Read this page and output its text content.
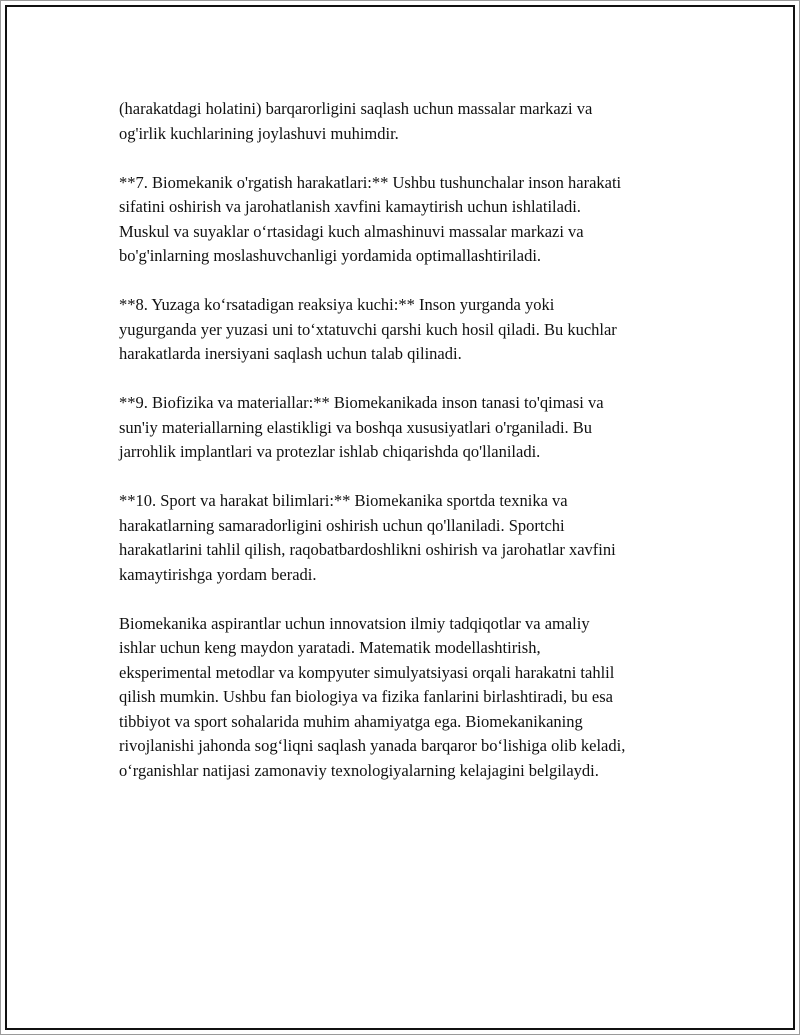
(harakatdagi holatini) barqarorligini saqlash uchun massalar markazi va
og'irlik kuchlarining joylashuvi muhimdir.

**7. Biomekanik o'rgatish harakatlari:** Ushbu tushunchalar inson harakati
sifatini oshirish va jarohatlanish xavfini kamaytirish uchun ishlatiladi.
Muskul va suyaklar o‘rtasidagi kuch almashinuvi massalar markazi va
bo'g'inlarning moslashuvchanligi yordamida optimallashtiriladi.

**8. Yuzaga ko‘rsatadigan reaksiya kuchi:** Inson yurganda yoki
yugurganda yer yuzasi uni to‘xtatuvchi qarshi kuch hosil qiladi. Bu kuchlar
harakatlarda inersiyani saqlash uchun talab qilinadi.

**9. Biofizika va materiallar:** Biomekanikada inson tanasi to'qimasi va
sun'iy materiallarning elastikligi va boshqa xususiyatlari o'rganiladi. Bu
jarrohlik implantlari va protezlar ishlab chiqarishda qo'llaniladi.

**10. Sport va harakat bilimlari:** Biomekanika sportda texnika va
harakatlarning samaradorligini oshirish uchun qo'llaniladi. Sportchi
harakatlarini tahlil qilish, raqobatbardoshlikni oshirish va jarohatlar xavfini
kamaytirishga yordam beradi.

Biomekanika aspirantlar uchun innovatsion ilmiy tadqiqotlar va amaliy
ishlar uchun keng maydon yaratadi. Matematik modellashtirish,
eksperimental metodlar va kompyuter simulyatsiyasi orqali harakatni tahlil
qilish mumkin. Ushbu fan biologiya va fizika fanlarini birlashtiradi, bu esa
tibbiyot va sport sohalarida muhim ahamiyatga ega. Biomekanikaning
rivojlanishi jahonda sog‘liqni saqlash yanada barqaror bo‘lishiga olib keladi,
o‘rganishlar natijasi zamonaviy texnologiyalarning kelajagini belgilaydi.
